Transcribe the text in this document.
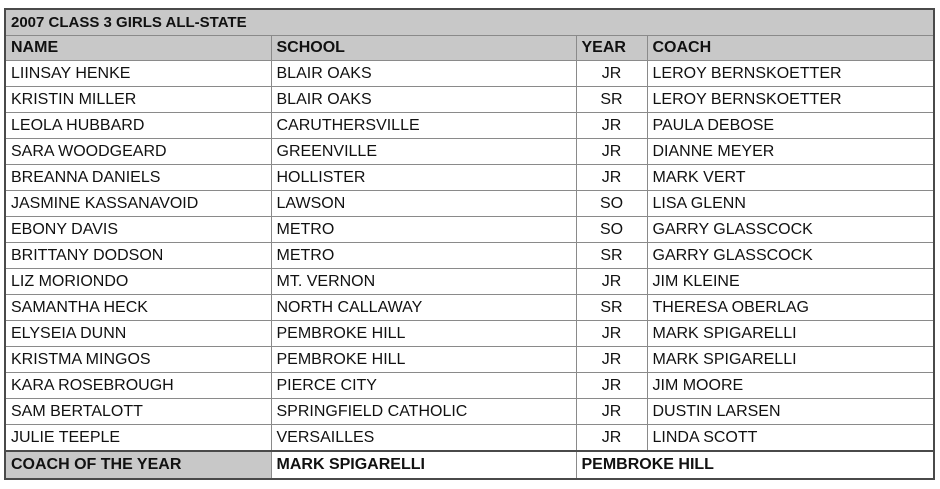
2007 CLASS 3 GIRLS ALL-STATE			
NAME	SCHOOL	YEAR	COACH
LIINSAY HENKE	BLAIR OAKS	JR	LEROY BERNSKOETTER
KRISTIN MILLER	BLAIR OAKS	SR	LEROY BERNSKOETTER
LEOLA HUBBARD	CARUTHERSVILLE	JR	PAULA DEBOSE
SARA WOODGEARD	GREENVILLE	JR	DIANNE MEYER
BREANNA DANIELS	HOLLISTER	JR	MARK VERT
JASMINE KASSANAVOID	LAWSON	SO	LISA GLENN
EBONY DAVIS	METRO	SO	GARRY GLASSCOCK
BRITTANY DODSON	METRO	SR	GARRY GLASSCOCK
LIZ MORIONDO	MT. VERNON	JR	JIM KLEINE
SAMANTHA HECK	NORTH CALLAWAY	SR	THERESA OBERLAG
ELYSEIA DUNN	PEMBROKE HILL	JR	MARK SPIGARELLI
KRISTMA MINGOS	PEMBROKE HILL	JR	MARK SPIGARELLI
KARA ROSEBROUGH	PIERCE CITY	JR	JIM MOORE
SAM BERTALOTT	SPRINGFIELD CATHOLIC	JR	DUSTIN LARSEN
JULIE TEEPLE	VERSAILLES	JR	LINDA SCOTT
COACH OF THE YEAR	MARK SPIGARELLI	PEMBROKE HILL	
